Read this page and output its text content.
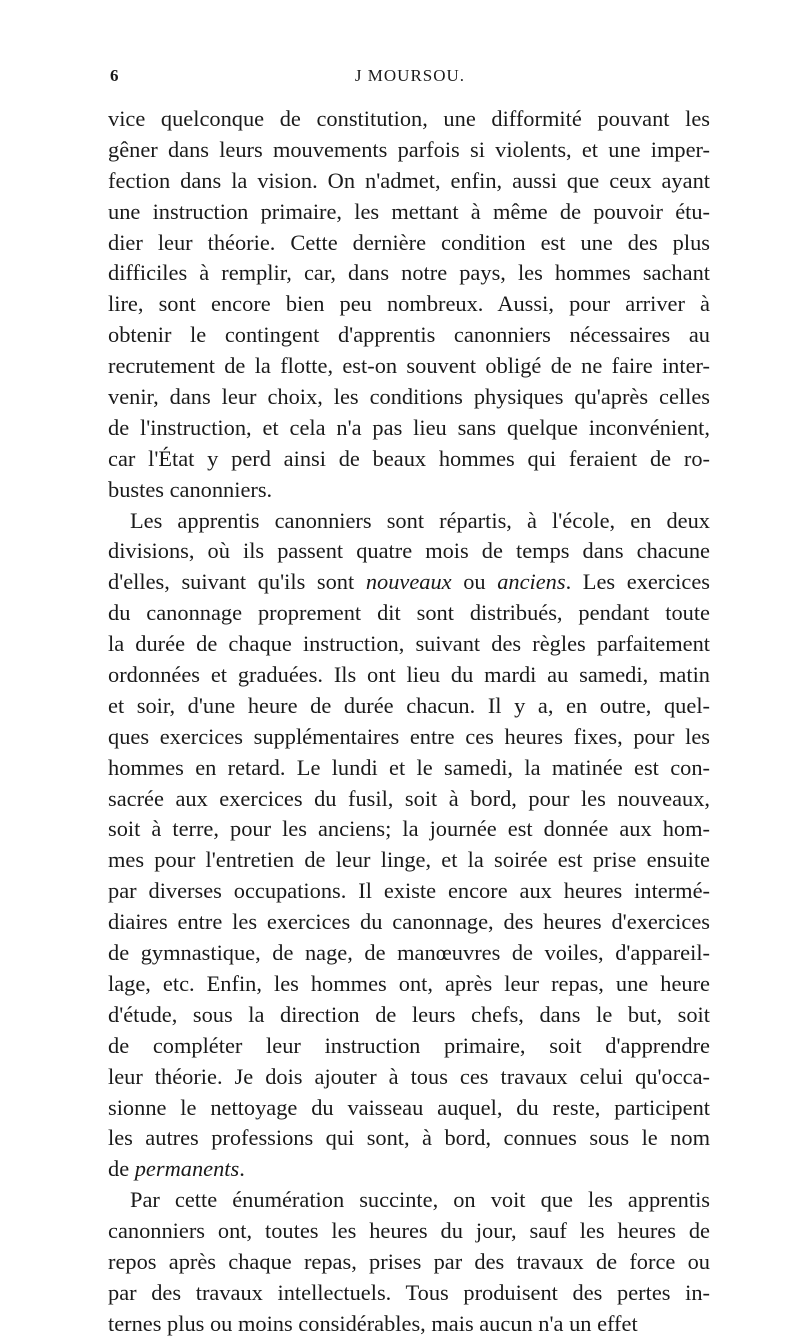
6	J MOURSOU.
vice quelconque de constitution, une difformité pouvant les
gêner dans leurs mouvements parfois si violents, et une imper-
fection dans la vision. On n'admet, enfin, aussi que ceux ayant
une instruction primaire, les mettant à même de pouvoir étu-
dier leur théorie. Cette dernière condition est une des plus
difficiles à remplir, car, dans notre pays, les hommes sachant
lire, sont encore bien peu nombreux. Aussi, pour arriver à
obtenir le contingent d'apprentis canonniers nécessaires au
recrutement de la flotte, est-on souvent obligé de ne faire inter-
venir, dans leur choix, les conditions physiques qu'après celles
de l'instruction, et cela n'a pas lieu sans quelque inconvénient,
car l'État y perd ainsi de beaux hommes qui feraient de ro-
bustes canonniers.
Les apprentis canonniers sont répartis, à l'école, en deux
divisions, où ils passent quatre mois de temps dans chacune
d'elles, suivant qu'ils sont nouveaux ou anciens. Les exercices
du canonnage proprement dit sont distribués, pendant toute
la durée de chaque instruction, suivant des règles parfaitement
ordonnées et graduées. Ils ont lieu du mardi au samedi, matin
et soir, d'une heure de durée chacun. Il y a, en outre, quel-
ques exercices supplémentaires entre ces heures fixes, pour les
hommes en retard. Le lundi et le samedi, la matinée est con-
sacrée aux exercices du fusil, soit à bord, pour les nouveaux,
soit à terre, pour les anciens; la journée est donnée aux hom-
mes pour l'entretien de leur linge, et la soirée est prise ensuite
par diverses occupations. Il existe encore aux heures intermé-
diaires entre les exercices du canonnage, des heures d'exercices
de gymnastique, de nage, de manœuvres de voiles, d'appareil-
lage, etc. Enfin, les hommes ont, après leur repas, une heure
d'étude, sous la direction de leurs chefs, dans le but, soit
de compléter leur instruction primaire, soit d'apprendre
leur théorie. Je dois ajouter à tous ces travaux celui qu'occa-
sionne le nettoyage du vaisseau auquel, du reste, participent
les autres professions qui sont, à bord, connues sous le nom
de permanents.
Par cette énumération succinte, on voit que les apprentis
canonniers ont, toutes les heures du jour, sauf les heures de
repos après chaque repas, prises par des travaux de force ou
par des travaux intellectuels. Tous produisent des pertes in-
ternes plus ou moins considérables, mais aucun n'a un effet
